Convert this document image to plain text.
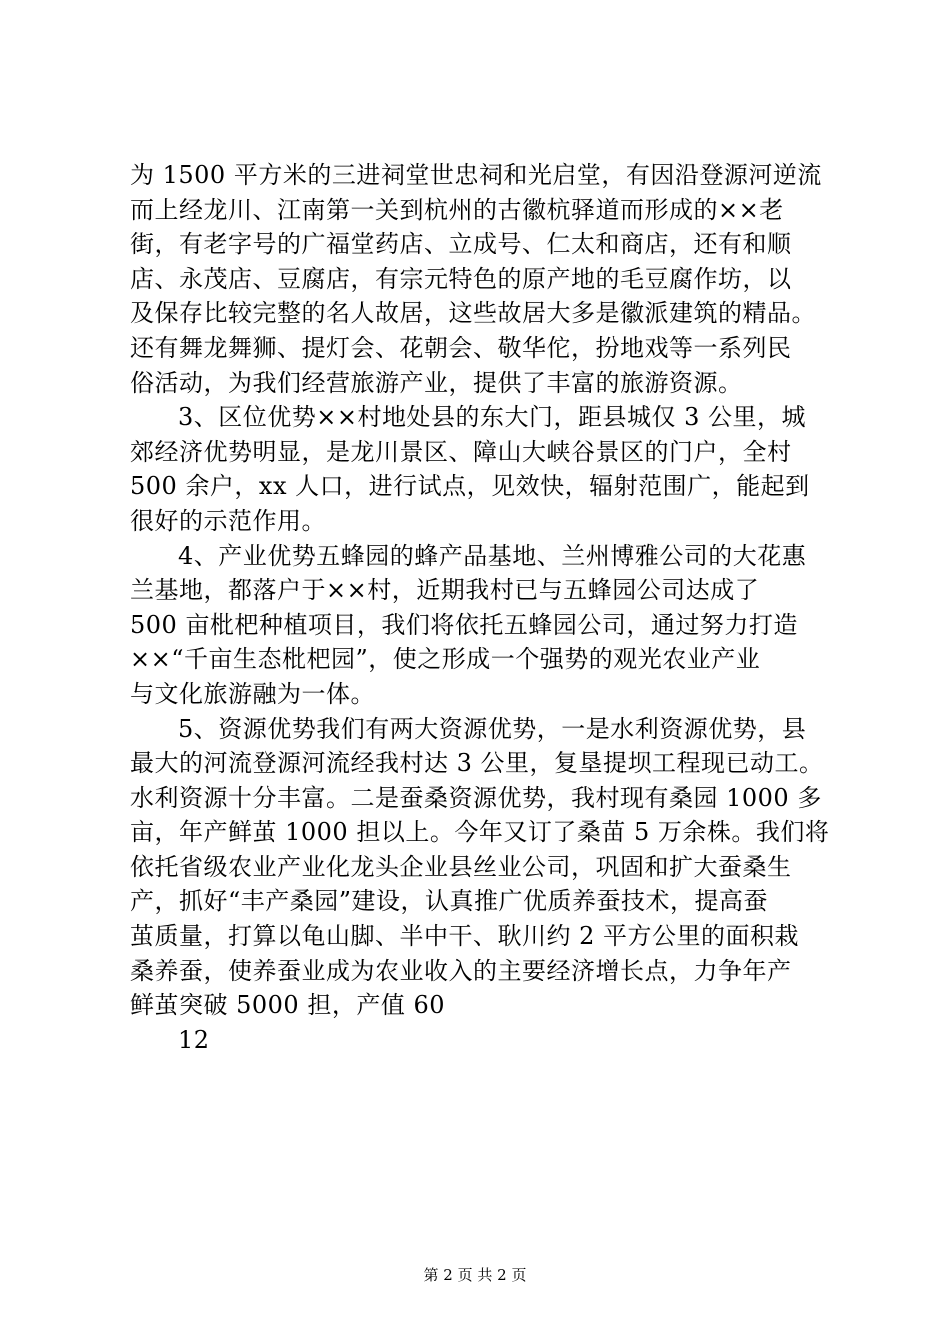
为 1500 平方米的三进祠堂世忠祠和光启堂，有因沿登源河逆流
而上经龙川、江南第一关到杭州的古徽杭驿道而形成的××老
街，有老字号的广福堂药店、立成号、仁太和商店，还有和顺
店、永茂店、豆腐店，有宗元特色的原产地的毛豆腐作坊，以
及保存比较完整的名人故居，这些故居大多是徽派建筑的精品。
还有舞龙舞狮、提灯会、花朝会、敬华佗，扮地戏等一系列民
俗活动，为我们经营旅游产业，提供了丰富的旅游资源。

3、区位优势××村地处县的东大门，距县城仅 3 公里，城
郊经济优势明显，是龙川景区、障山大峡谷景区的门户，全村
500 余户，xx 人口，进行试点，见效快，辐射范围广，能起到
很好的示范作用。

4、产业优势五蜂园的蜂产品基地、兰州博雅公司的大花惠
兰基地，都落户于××村，近期我村已与五蜂园公司达成了
500 亩枇杷种植项目，我们将依托五蜂园公司，通过努力打造
××“千亩生态枇杷园”，使之形成一个强势的观光农业产业
与文化旅游融为一体。

5、资源优势我们有两大资源优势，一是水利资源优势，县
最大的河流登源河流经我村达 3 公里，复垦提坝工程现已动工。
水利资源十分丰富。二是蚕桑资源优势，我村现有桑园 1000 多
亩，年产鲜茧 1000 担以上。今年又订了桑苗 5 万余株。我们将
依托省级农业产业化龙头企业县丝业公司，巩固和扩大蚕桑生
产，抓好“丰产桑园”建设，认真推广优质养蚕技术，提高蚕
茧质量，打算以龟山脚、半中干、耿川约 2 平方公里的面积栽
桑养蚕，使养蚕业成为农业收入的主要经济增长点，力争年产
鲜茧突破 5000 担，产值 60

12

第 2 页 共 2 页
